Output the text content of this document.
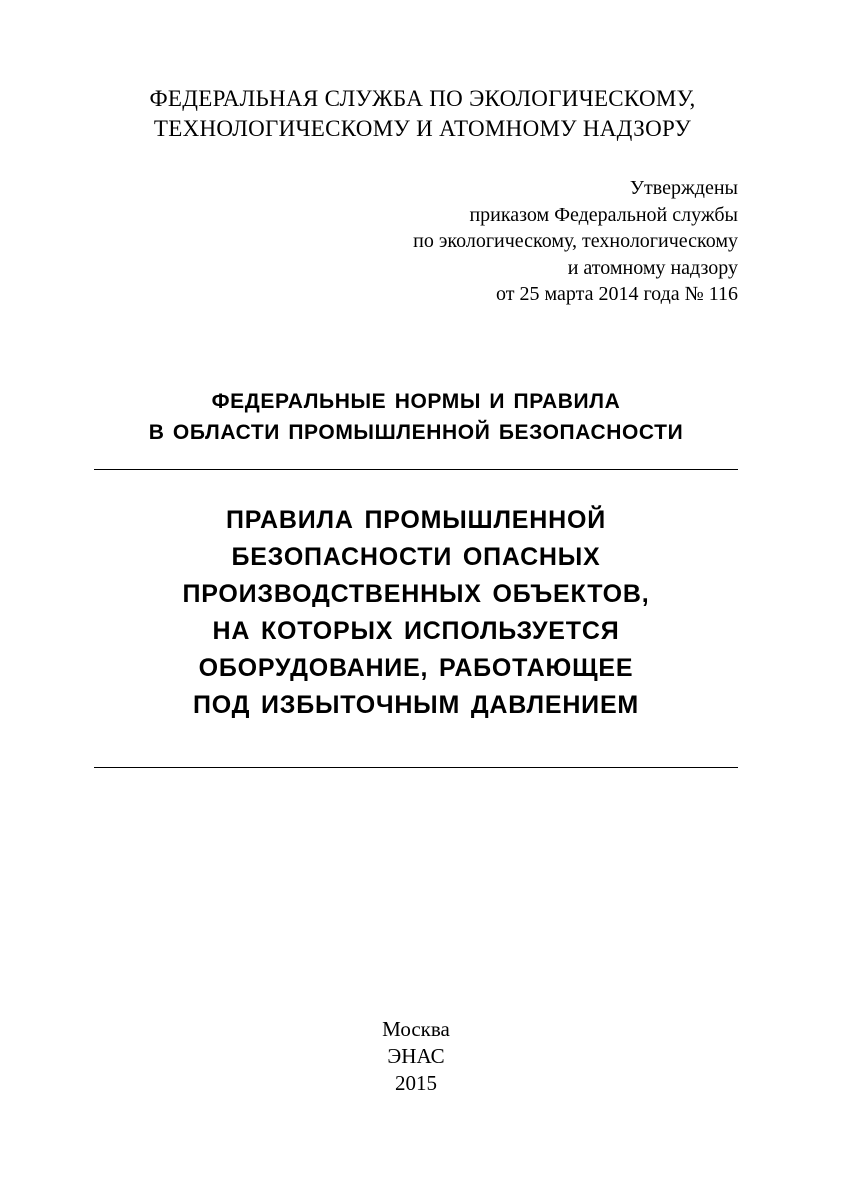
ФЕДЕРАЛЬНАЯ СЛУЖБА ПО ЭКОЛОГИЧЕСКОМУ,
ТЕХНОЛОГИЧЕСКОМУ И АТОМНОМУ НАДЗОРУ
Утверждены
приказом Федеральной службы
по экологическому, технологическому
и атомному надзору
от 25 марта 2014 года № 116
ФЕДЕРАЛЬНЫЕ НОРМЫ И ПРАВИЛА
В ОБЛАСТИ ПРОМЫШЛЕННОЙ БЕЗОПАСНОСТИ
ПРАВИЛА ПРОМЫШЛЕННОЙ
БЕЗОПАСНОСТИ ОПАСНЫХ
ПРОИЗВОДСТВЕННЫХ ОБЪЕКТОВ,
НА КОТОРЫХ ИСПОЛЬЗУЕТСЯ
ОБОРУДОВАНИЕ, РАБОТАЮЩЕЕ
ПОД ИЗБЫТОЧНЫМ ДАВЛЕНИЕМ
Москва
ЭНАС
2015
